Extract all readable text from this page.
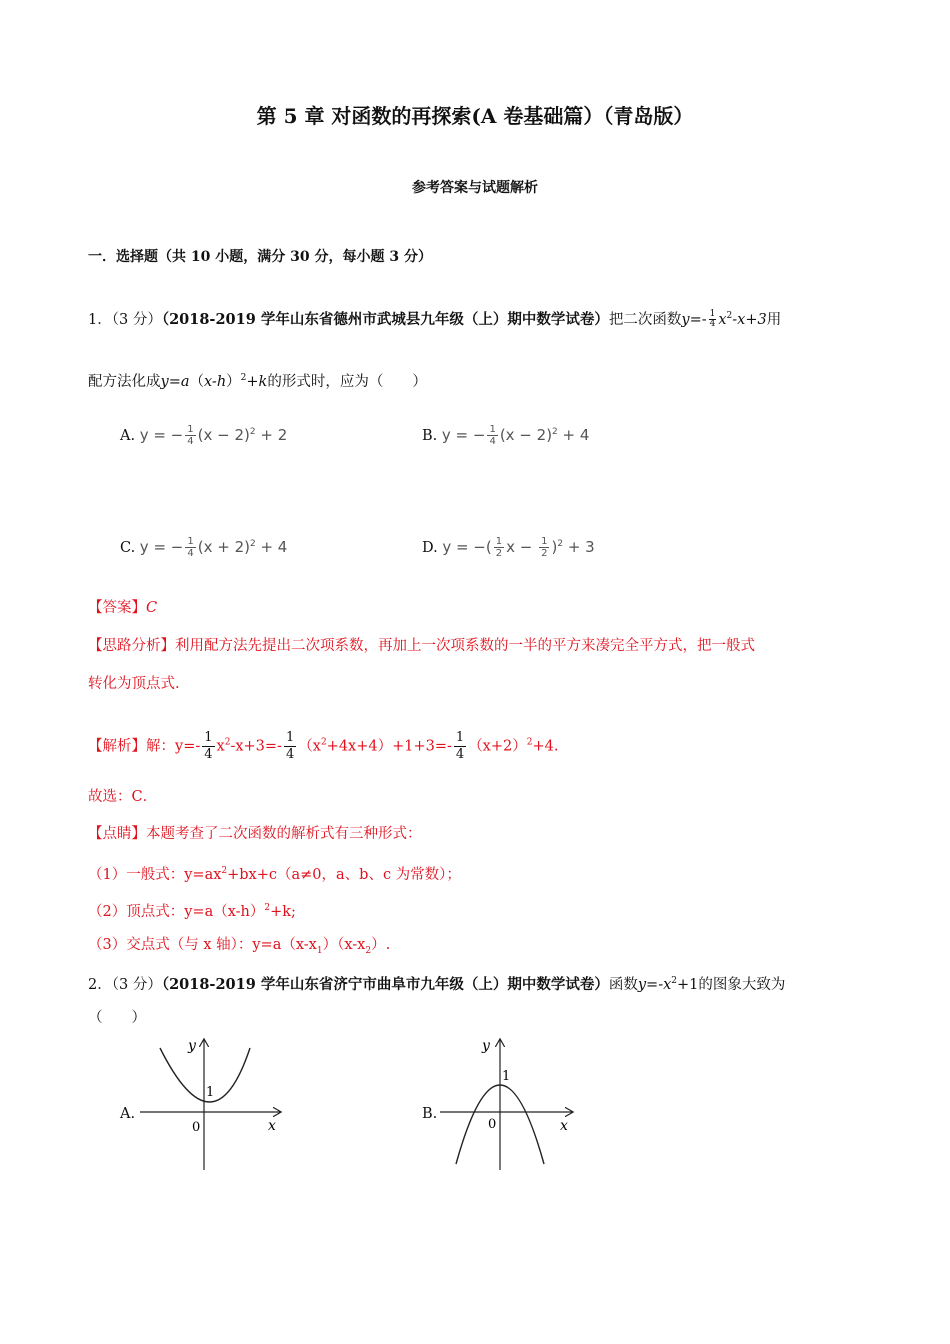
第 5 章 对函数的再探索(A 卷基础篇）（青岛版）
参考答案与试题解析
一．选择题（共 10 小题，满分 30 分，每小题 3 分）
1．（3 分）（2018-2019 学年山东省德州市武城县九年级（上）期中数学试卷）把二次函数$y=- \frac{1}{4} x^2-x+3$用
配方法化成$y=a(x-h)^2+k$的形式时，应为（　　）
A. y = − $\frac{1}{4} (x - 2)^2 + 2$	B. y = − $\frac{1}{4} (x - 2)^2 + 4$
C. y = − $\frac{1}{4} (x + 2)^2 + 4$	D. y = −( $\frac{1}{2}$ $x - \frac{1}{2} )^2 + 3$
【答案】C
【思路分析】利用配方法先提出二次项系数，再加上一次项系数的一半的平方来凑完全平方式，把一般式
转化为顶点式.
【解析】解：$y=- \frac{1}{4} x^2-x+3=- \frac{1}{4} (x^2+4x+4)+1+3=- \frac{1}{4} (x+2)^2+4$.
故选：C．
【点睛】本题考查了二次函数的解析式有三种形式：
（1）一般式：$y=ax^2+bx+c(a\ne 0$，a、b、c 为常数）；
（2）顶点式：$y=a(x-h)^2+k$;
（3）交点式（与 x 轴）：$y=a(x-x_1)(x-x_2)$.
2．（3 分）（2018-2019 学年山东省济宁市曲阜市九年级（上）期中数学试卷）函数$y=-x^2+1$的图象大致为
（　　）
A.
y
x
0
1
B.
y
x
0
1
